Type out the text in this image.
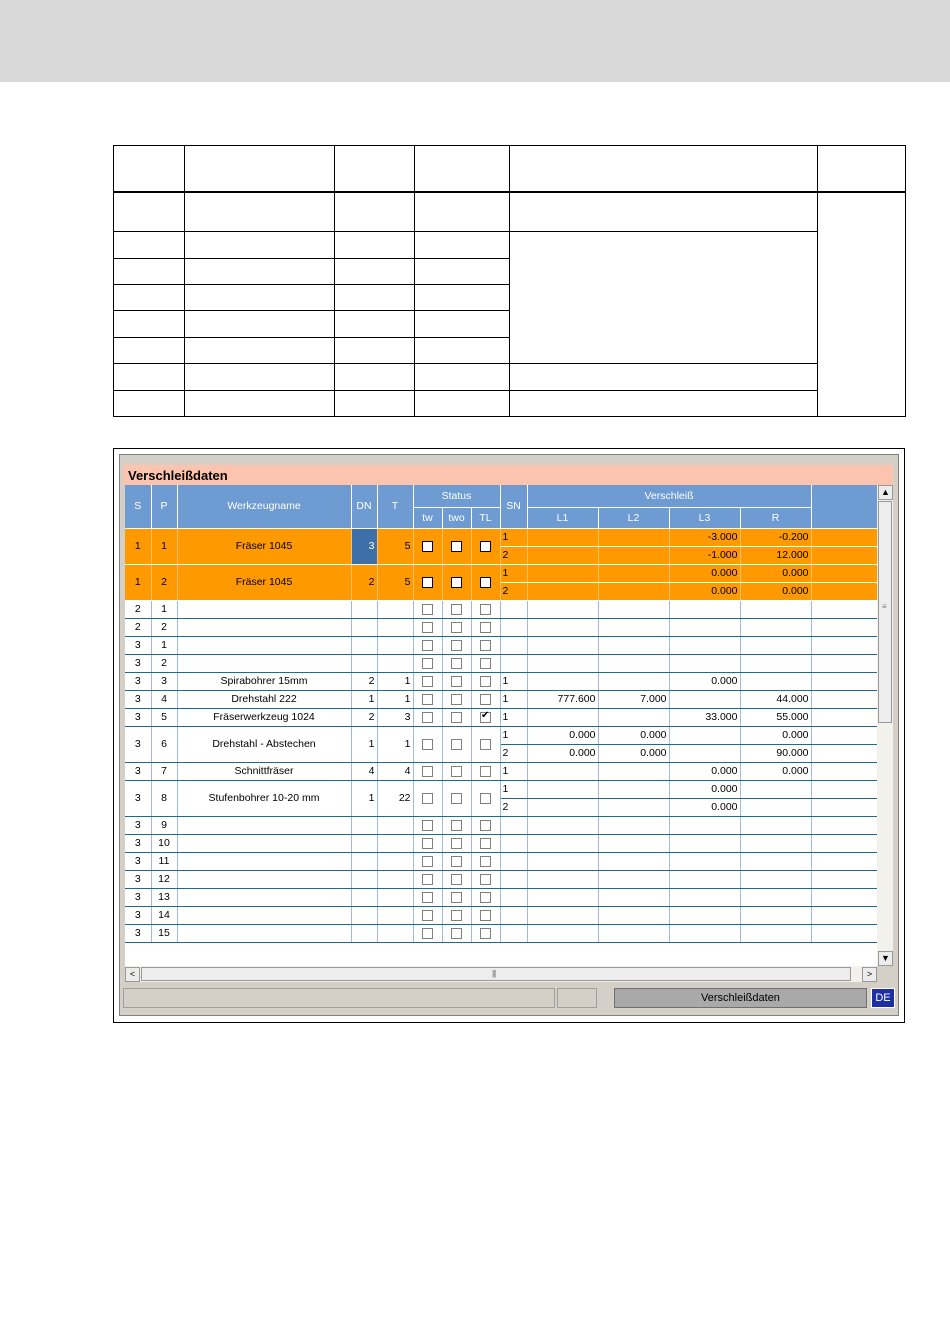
Verschleißdaten
S	P	Werkzeugname	DN	T	Status			SN	Verschleiß				
					tw	two	TL		L1	L2	L3	R	
1	1	Fräser 1045	3	5				1			-3.000	-0.200	
								2			-1.000	12.000	
1	2	Fräser 1045	2	5				1			0.000	0.000	
								2			0.000	0.000	
2	1												
2	2												
3	1												
3	2												
3	3	Spirabohrer 15mm	2	1				1			0.000		
3	4	Drehstahl 222	1	1				1	777.600	7.000		44.000	
3	5	Fräserwerkzeug 1024	2	3			✔	1			33.000	55.000	
3	6	Drehstahl - Abstechen	1	1				1	0.000	0.000		0.000	
								2	0.000	0.000		90.000	
3	7	Schnittfräser	4	4				1			0.000	0.000	
3	8	Stufenbohrer 10-20 mm	1	22				1			0.000		
								2			0.000		
3	9												
3	10												
3	11												
3	12												
3	13												
3	14												
3	15												
▲
≡
▼
<	|||	>
Verschleißdaten	DE
